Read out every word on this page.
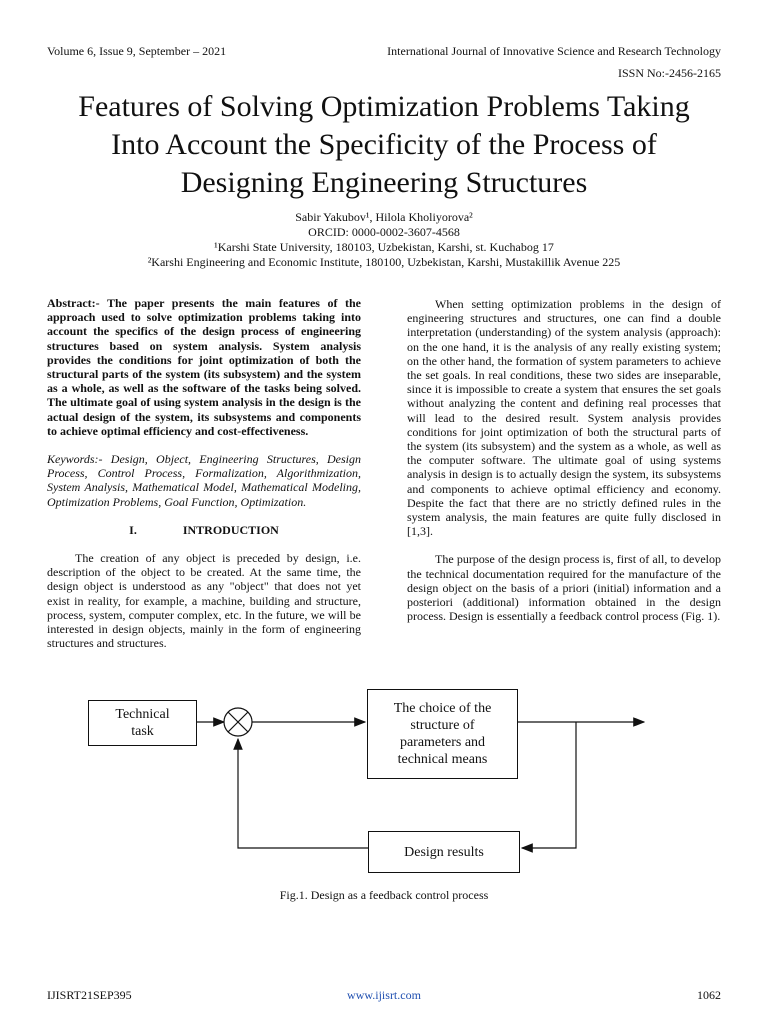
Volume 6, Issue 9, September – 2021	International Journal of Innovative Science and Research Technology
ISSN No:-2456-2165
Features of Solving Optimization Problems Taking
Into Account the Specificity of the Process of
Designing Engineering Structures
Sabir Yakubov¹, Hilola Kholiyorova²
ORCID: 0000-0002-3607-4568
¹Karshi State University, 180103, Uzbekistan, Karshi, st. Kuchabog 17
²Karshi Engineering and Economic Institute, 180100, Uzbekistan, Karshi, Mustakillik Avenue 225

Abstract:- The paper presents the main features of the approach used to solve optimization problems taking into account the specifics of the design process of engineering structures based on system analysis. System analysis provides the conditions for joint optimization of both the structural parts of the system (its subsystem) and the system as a whole, as well as the software of the tasks being solved. The ultimate goal of using system analysis in the design is the actual design of the system, its subsystems and components to achieve optimal efficiency and cost-effectiveness.

Keywords:- Design, Object, Engineering Structures, Design Process, Control Process, Formalization, Algorithmization, System Analysis, Mathematical Model, Mathematical Modeling, Optimization Problems, Goal Function, Optimization.

I.	INTRODUCTION

The creation of any object is preceded by design, i.e. description of the object to be created. At the same time, the design object is understood as any "object" that does not yet exist in reality, for example, a machine, building and structure, process, system, computer complex, etc. In the future, we will be interested in design objects, mainly in the form of engineering structures and structures.

When setting optimization problems in the design of engineering structures and structures, one can find a double interpretation (understanding) of the system analysis (approach): on the one hand, it is the analysis of any really existing system; on the other hand, the formation of system parameters to achieve the set goals. In real conditions, these two sides are inseparable, since it is impossible to create a system that ensures the set goals without analyzing the content and defining real processes that will lead to the desired result. System analysis provides conditions for joint optimization of both the structural parts of the system (its subsystem) and the system as a whole, as well as the computer software. The ultimate goal of using systems analysis in design is to actually design the system, its subsystems and components to achieve optimal efficiency and economy. Despite the fact that there are no strictly defined rules in the system analysis, the main features are quite fully disclosed in [1,3].

The purpose of the design process is, first of all, to develop the technical documentation required for the manufacture of the design object on the basis of a priori (initial) information and a posteriori (additional) information obtained in the design process. Design is essentially a feedback control process (Fig. 1).

Technical
task
The choice of the
structure of
parameters and
technical means
Design results
Fig.1. Design as a feedback control process
IJISRT21SEP395	www.ijisrt.com	1062
